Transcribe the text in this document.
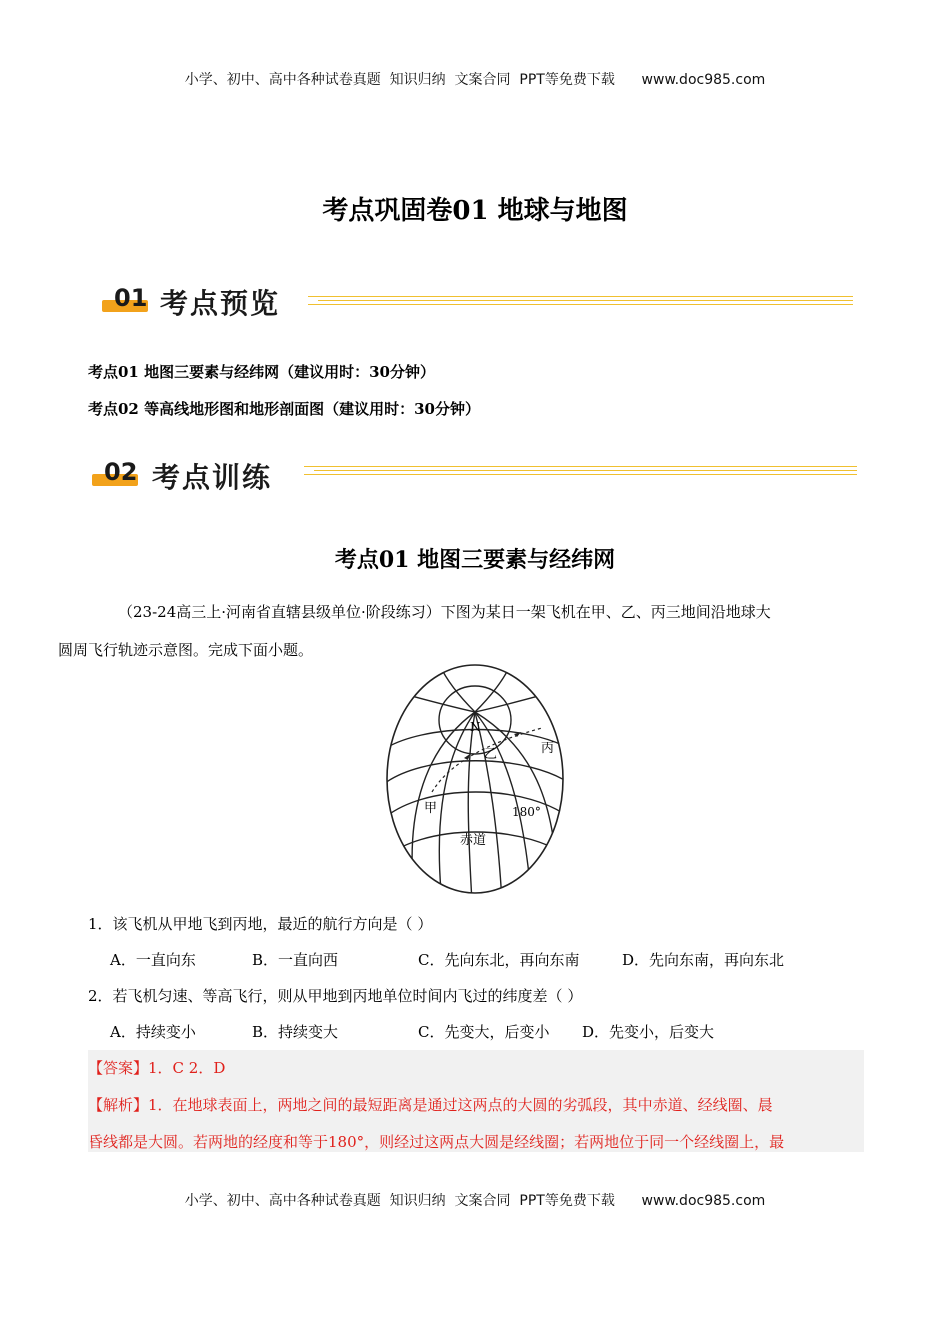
小学、初中、高中各种试卷真题  知识归纳  文案合同  PPT等免费下载      www.doc985.com
考点巩固卷01 地球与地图
01 考点预览
考点01 地图三要素与经纬网（建议用时：30分钟）
考点02 等高线地形图和地形剖面图（建议用时：30分钟）
02 考点训练
考点01 地图三要素与经纬网
（23-24高三上·河南省直辖县级单位·阶段练习）下图为某日一架飞机在甲、乙、丙三地间沿地球大
圆周飞行轨迹示意图。完成下面小题。
N
乙	丙
甲	180°
赤道
1．该飞机从甲地飞到丙地，最近的航行方向是（ ）
A．一直向东	B．一直向西	C．先向东北，再向东南	D．先向东南，再向东北
2．若飞机匀速、等高飞行，则从甲地到丙地单位时间内飞过的纬度差（ ）
A．持续变小	B．持续变大	C．先变大，后变小 D．先变小，后变大
【答案】1．C 2．D
【解析】1．在地球表面上，两地之间的最短距离是通过这两点的大圆的劣弧段，其中赤道、经线圈、晨
昏线都是大圆。若两地的经度和等于180°，则经过这两点大圆是经线圈；若两地位于同一个经线圈上，最
小学、初中、高中各种试卷真题  知识归纳  文案合同  PPT等免费下载      www.doc985.com
